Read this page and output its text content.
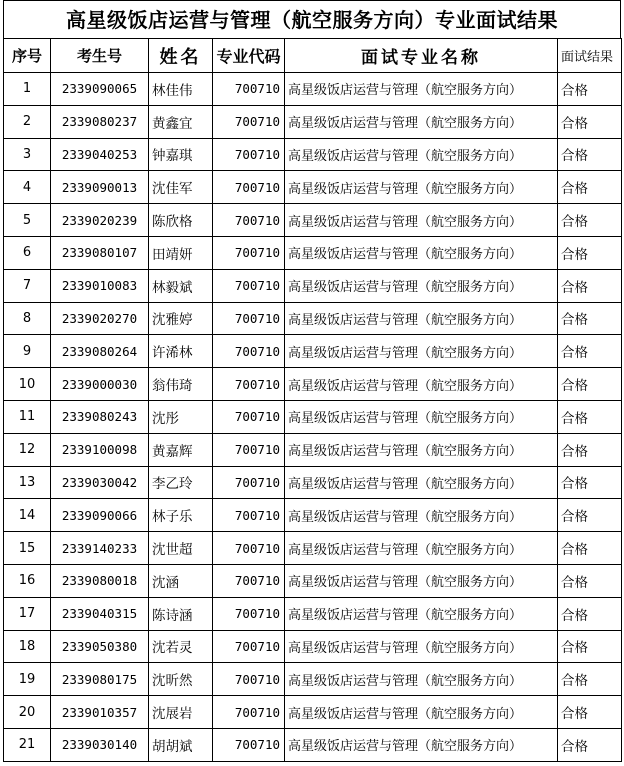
高星级饭店运营与管理（航空服务方向）专业面试结果
序号	考生号	姓名	专业代码	面试专业名称	面试结果
1	2339090065	林佳伟	700710	高星级饭店运营与管理（航空服务方向）	合格
2	2339080237	黄鑫宜	700710	高星级饭店运营与管理（航空服务方向）	合格
3	2339040253	钟嘉琪	700710	高星级饭店运营与管理（航空服务方向）	合格
4	2339090013	沈佳军	700710	高星级饭店运营与管理（航空服务方向）	合格
5	2339020239	陈欣格	700710	高星级饭店运营与管理（航空服务方向）	合格
6	2339080107	田靖妍	700710	高星级饭店运营与管理（航空服务方向）	合格
7	2339010083	林毅斌	700710	高星级饭店运营与管理（航空服务方向）	合格
8	2339020270	沈雅婷	700710	高星级饭店运营与管理（航空服务方向）	合格
9	2339080264	许浠林	700710	高星级饭店运营与管理（航空服务方向）	合格
10	2339000030	翁伟琦	700710	高星级饭店运营与管理（航空服务方向）	合格
11	2339080243	沈彤	700710	高星级饭店运营与管理（航空服务方向）	合格
12	2339100098	黄嘉辉	700710	高星级饭店运营与管理（航空服务方向）	合格
13	2339030042	李乙玲	700710	高星级饭店运营与管理（航空服务方向）	合格
14	2339090066	林子乐	700710	高星级饭店运营与管理（航空服务方向）	合格
15	2339140233	沈世超	700710	高星级饭店运营与管理（航空服务方向）	合格
16	2339080018	沈涵	700710	高星级饭店运营与管理（航空服务方向）	合格
17	2339040315	陈诗涵	700710	高星级饭店运营与管理（航空服务方向）	合格
18	2339050380	沈若灵	700710	高星级饭店运营与管理（航空服务方向）	合格
19	2339080175	沈昕然	700710	高星级饭店运营与管理（航空服务方向）	合格
20	2339010357	沈展岩	700710	高星级饭店运营与管理（航空服务方向）	合格
21	2339030140	胡胡斌	700710	高星级饭店运营与管理（航空服务方向）	合格
